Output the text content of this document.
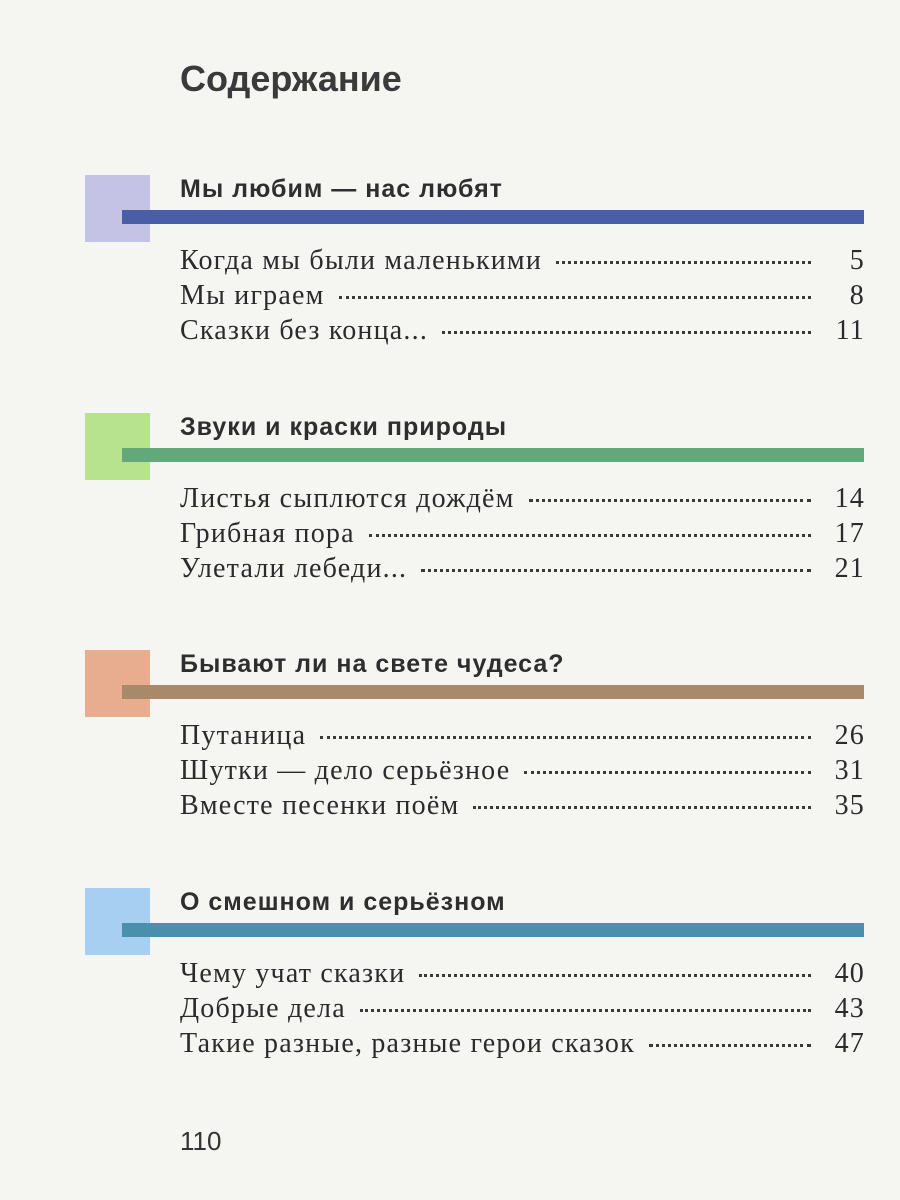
Содержание
Мы любим — нас любят
Когда мы были маленькими	5
Мы играем	8
Сказки без конца...	11
Звуки и краски природы
Листья сыплются дождём	14
Грибная пора	17
Улетали лебеди...	21
Бывают ли на свете чудеса?
Путаница	26
Шутки — дело серьёзное	31
Вместе песенки поём	35
О смешном и серьёзном
Чему учат сказки	40
Добрые дела	43
Такие разные, разные герои сказок	47
110
